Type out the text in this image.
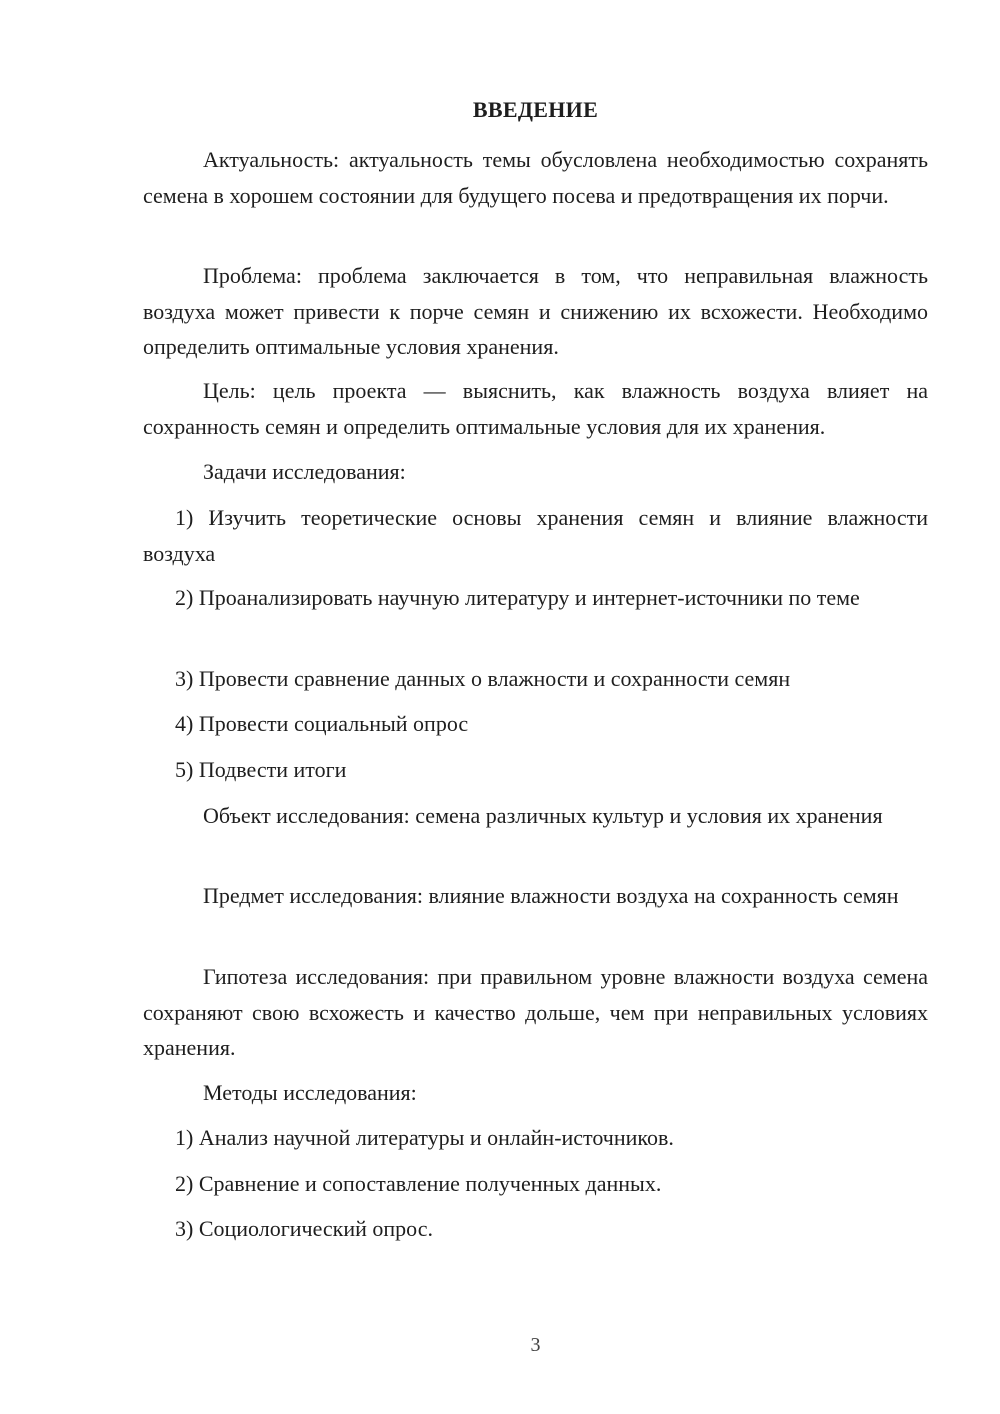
ВВЕДЕНИЕ

Актуальность: актуальность темы обусловлена необходимостью сохранять семена в хорошем состоянии для будущего посева и предотвращения их порчи.

Проблема: проблема заключается в том, что неправильная влажность воздуха может привести к порче семян и снижению их всхожести. Необходимо определить оптимальные условия хранения.

Цель: цель проекта — выяснить, как влажность воздуха влияет на сохранность семян и определить оптимальные условия для их хранения.

Задачи исследования:

1) Изучить теоретические основы хранения семян и влияние влажности воздуха

2) Проанализировать научную литературу и интернет-источники по теме

3) Провести сравнение данных о влажности и сохранности семян

4) Провести социальный опрос

5) Подвести итоги

Объект исследования: семена различных культур и условия их хранения

Предмет исследования: влияние влажности воздуха на сохранность семян

Гипотеза исследования: при правильном уровне влажности воздуха семена сохраняют свою всхожесть и качество дольше, чем при неправильных условиях хранения.

Методы исследования:

1) Анализ научной литературы и онлайн-источников.

2) Сравнение и сопоставление полученных данных.

3) Социологический опрос.

3
